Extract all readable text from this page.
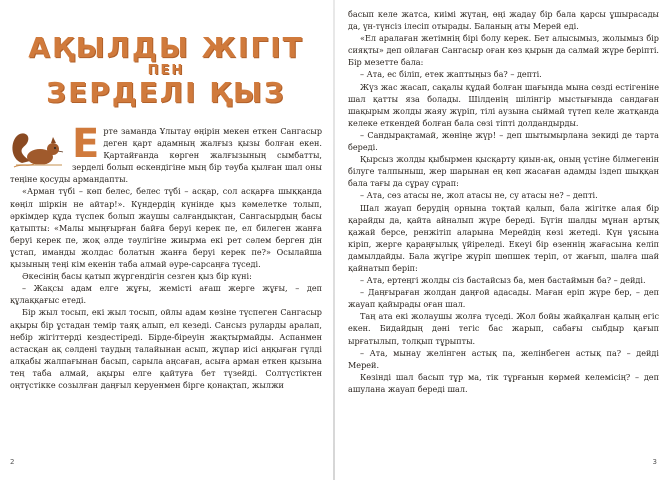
АҚЫЛДЫ ЖІГІТ
ПЕН
ЗЕРДЕЛІ ҚЫЗ
Е рте заманда Ұлытау өңірін мекен еткен Сангасыр деген қарт адамның жалғыз қызы болған екен. Қартайғанда көрген жалғызының сымбатты, зерделі болып өскендігіне мың бір тәуба қылған шал оны теңіне қосуды армандапты.

«Арман түбі – көп белес, белес түбі – асқар, сол асқарға шыққанда көңіл шіркін не айтар!». Күндердің күнінде қыз кәмелетке толып, әркімдер құда түспек болып жаушы салғандықтан, Сангасырдың басы қатыпты: «Малы мыңғырған байға беруі керек пе, ел билеген жанға беруі керек пе, жоқ әлде тәулігіне жиырма екі рет сәлем берген дін ұстап, иманды жолдас болатын жанға беруі керек пе?» Осылайша қызының теңі кім екенін таба алмай әуре-сарсаңға түседі.

Әкесінің басы қатып жүргендігін сезген қыз бір күні:

– Жақсы адам елге жұғы, жемісті ағаш жерге жұғы, – деп құлаққағыс етеді.

Бір жыл тосып, екі жыл тосып, ойлы адам көзіне түспеген Сангасыр ақыры бір ұстадан темір таяқ алып, ел кезеді. Сансыз руларды аралап, небір жігіттерді кездестіреді. Бірде-біреуін жақтырмайды. Аспанмен астасқан ақ сәлдені таудың талайынан асып, жұпар иісі аңқыған гүлді алқабы жалпағынан басып, сарыла аңсаған, асыға арман еткен қызына тең таба алмай, ақыры елге қайтуға бет түзейді. Солтүстіктен оңтүстікке созылған даңғыл керуенмен бірге қонақтап, жылжи

2

басып келе жатса, киімі жүтаң, өңі жадау бір бала қарсы ұшырасады да, үн-түнсіз ілесіп отырады. Баланың аты Мерей еді.

«Ел аралаған жетімнің бірі болу керек. Бет алысымыз, жолымыз бір сияқты» деп ойлаған Сангасыр оған көз қырын да салмай жүре беріпті. Бір мезетте бала:

– Ата, ес біліп, етек жаптыңыз ба? – депті.

Жүз жас жасап, сақалы құдай болған шағында мына сөзді естігеніне шал қатты яза болады. Шілденің шілінгір мыстығында сандаған шақырым жолды жаяу жүріп, тілі аузына сыймай түтеп келе жатқанда келеке еткендей болған бала сөзі тіпті долдандырды.

– Сандырақтамай, жөніңе жүр! – деп шытымырлана зекиді де тарта береді.

Қырсыз жолды қыбырмен қысқарту қиын-ақ, оның үстіне білмегенін білуге талпыныш, жер шарынан ең көп жасаған адамды іздеп шыққан бала тағы да сұрау сұрап:

– Ата, сөз атасы не, жол атасы не, су атасы не? – депті.

Шал жауап берудің орнына тоқтай қалып, бала жігітке алая бір қарайды да, қайта айналып жүре береді. Бүгін шалды мұнан артық қажай берсе, ренжітіп аларына Мерейдің көзі жетеді. Күн ұясына кіріп, жерге қараңғылық үйіреледі. Екеуі бір өзеннің жағасына келіп дамылдайды. Бала жүгіре жүріп шөпшек теріп, от жағып, шалға шай қайнатып беріп:

– Ата, ертеңгі жолды сіз бастайсыз ба, мен бастаймын ба? – дейді.

– Даңғыраған жолдан даңғой адасады. Маған еріп жүре бер, – деп жауап қайырады оған шал.

Таң ата екі жолаушы жолға түседі. Жол бойы жайқалған қалың егіс екен. Бидайдың дәні тегіс бас жарып, сабағы сыбдыр қағып ырғатылып, толқып тұрыпты.

– Ата, мынау желінген астық па, желінбеген астық па? – дейді Мерей.

Көзінді шал басып тұр ма, тік тұрғанын көрмей келемісің? – деп ашулана жауап береді шал.

3
